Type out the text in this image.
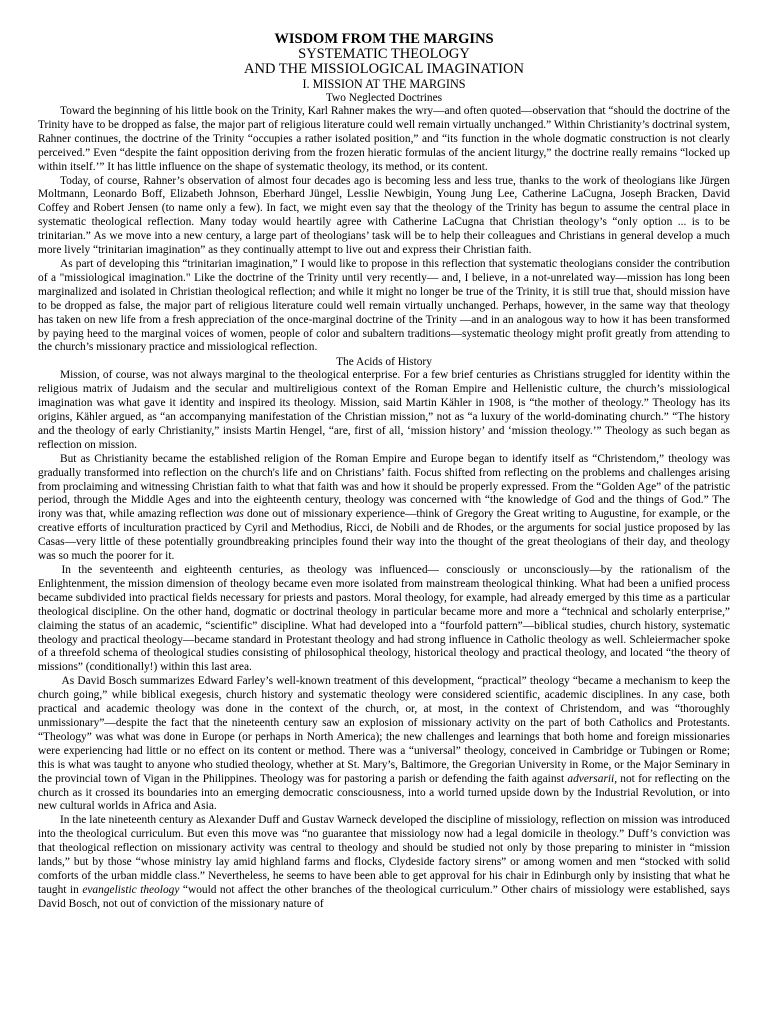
WISDOM FROM THE MARGINS
SYSTEMATIC THEOLOGY
AND THE MISSIOLOGICAL IMAGINATION
I. MISSION AT THE MARGINS
Two Neglected Doctrines

Toward the beginning of his little book on the Trinity, Karl Rahner makes the wry—and often quoted—observation that “should the doctrine of the Trinity have to be dropped as false, the major part of religious literature could well remain virtually unchanged.” Within Christianity’s doctrinal system, Rahner continues, the doctrine of the Trinity “occupies a rather isolated position,” and “its function in the whole dogmatic construction is not clearly perceived.” Even “despite the faint opposition deriving from the frozen hieratic formulas of the ancient liturgy,” the doctrine really remains “locked up within itself.’” It has little influence on the shape of systematic theology, its method, or its content.

Today, of course, Rahner’s observation of almost four decades ago is becoming less and less true, thanks to the work of theologians like Jürgen Moltmann, Leonardo Boff, Elizabeth Johnson, Eberhard Jüngel, Lesslie Newbigin, Young Jung Lee, Catherine LaCugna, Joseph Bracken, David Coffey and Robert Jensen (to name only a few). In fact, we might even say that the theology of the Trinity has begun to assume the central place in systematic theological reflection. Many today would heartily agree with Catherine LaCugna that Christian theology’s “only option ... is to be trinitarian.” As we move into a new century, a large part of theologians’ task will be to help their colleagues and Christians in general develop a much more lively “trinitarian imagination” as they continually attempt to live out and express their Christian faith.

As part of developing this “trinitarian imagination,” I would like to propose in this reflection that systematic theologians consider the contribution of a "missiological imagination." Like the doctrine of the Trinity until very recently— and, I believe, in a not-unrelated way—mission has long been marginalized and isolated in Christian theological reflection; and while it might no longer be true of the Trinity, it is still true that, should mission have to be dropped as false, the major part of religious literature could well remain virtually unchanged. Perhaps, however, in the same way that theology has taken on new life from a fresh appreciation of the once-marginal doctrine of the Trinity —and in an analogous way to how it has been transformed by paying heed to the marginal voices of women, people of color and subaltern traditions—systematic theology might profit greatly from attending to the church’s missionary practice and missiological reflection.

The Acids of History

Mission, of course, was not always marginal to the theological enterprise. For a few brief centuries as Christians struggled for identity within the religious matrix of Judaism and the secular and multireligious context of the Roman Empire and Hellenistic culture, the church’s missiological imagination was what gave it identity and inspired its theology. Mission, said Martin Kähler in 1908, is “the mother of theology.” Theology has its origins, Kähler argued, as “an accompanying manifestation of the Christian mission,” not as “a luxury of the world-dominating church.” “The history and the theology of early Christianity,” insists Martin Hengel, “are, first of all, ‘mission history’ and ‘mission theology.’” Theology as such began as reflection on mission.

But as Christianity became the established religion of the Roman Empire and Europe began to identify itself as “Christendom,” theology was gradually transformed into reflection on the church's life and on Christians’ faith. Focus shifted from reflecting on the problems and challenges arising from proclaiming and witnessing Christian faith to what that faith was and how it should be properly expressed. From the “Golden Age” of the patristic period, through the Middle Ages and into the eighteenth century, theology was concerned with “the knowledge of God and the things of God.” The irony was that, while amazing reflection was done out of missionary experience—think of Gregory the Great writing to Augustine, for example, or the creative efforts of inculturation practiced by Cyril and Methodius, Ricci, de Nobili and de Rhodes, or the arguments for social justice proposed by las Casas—very little of these potentially groundbreaking principles found their way into the thought of the great theologians of their day, and theology was so much the poorer for it.

In the seventeenth and eighteenth centuries, as theology was influenced— consciously or unconsciously—by the rationalism of the Enlightenment, the mission dimension of theology became even more isolated from mainstream theological thinking. What had been a unified process became subdivided into practical fields necessary for priests and pastors. Moral theology, for example, had already emerged by this time as a particular theological discipline. On the other hand, dogmatic or doctrinal theology in particular became more and more a “technical and scholarly enterprise,” claiming the status of an academic, “scientific” discipline. What had developed into a “fourfold pattern”—biblical studies, church history, systematic theology and practical theology—became standard in Protestant theology and had strong influence in Catholic theology as well. Schleiermacher spoke of a threefold schema of theological studies consisting of philosophical theology, historical theology and practical theology, and located “the theory of missions” (conditionally!) within this last area.

As David Bosch summarizes Edward Farley’s well-known treatment of this development, “practical” theology “became a mechanism to keep the church going,” while biblical exegesis, church history and systematic theology were considered scientific, academic disciplines. In any case, both practical and academic theology was done in the context of the church, or, at most, in the context of Christendom, and was “thoroughly unmissionary”—despite the fact that the nineteenth century saw an explosion of missionary activity on the part of both Catholics and Protestants. “Theology” was what was done in Europe (or perhaps in North America); the new challenges and learnings that both home and foreign missionaries were experiencing had little or no effect on its content or method. There was a “universal” theology, conceived in Cambridge or Tubingen or Rome; this is what was taught to anyone who studied theology, whether at St. Mary’s, Baltimore, the Gregorian University in Rome, or the Major Seminary in the provincial town of Vigan in the Philippines. Theology was for pastoring a parish or defending the faith against adversarii, not for reflecting on the church as it crossed its boundaries into an emerging democratic consciousness, into a world turned upside down by the Industrial Revolution, or into new cultural worlds in Africa and Asia.

In the late nineteenth century as Alexander Duff and Gustav Warneck developed the discipline of missiology, reflection on mission was introduced into the theological curriculum. But even this move was “no guarantee that missiology now had a legal domicile in theology.” Duff’s conviction was that theological reflection on missionary activity was central to theology and should be studied not only by those preparing to minister in “mission lands,” but by those “whose ministry lay amid highland farms and flocks, Clydeside factory sirens” or among women and men “stocked with solid comforts of the urban middle class.” Nevertheless, he seems to have been able to get approval for his chair in Edinburgh only by insisting that what he taught in evangelistic theology “would not affect the other branches of the theological curriculum.” Other chairs of missiology were established, says David Bosch, not out of conviction of the missionary nature of
